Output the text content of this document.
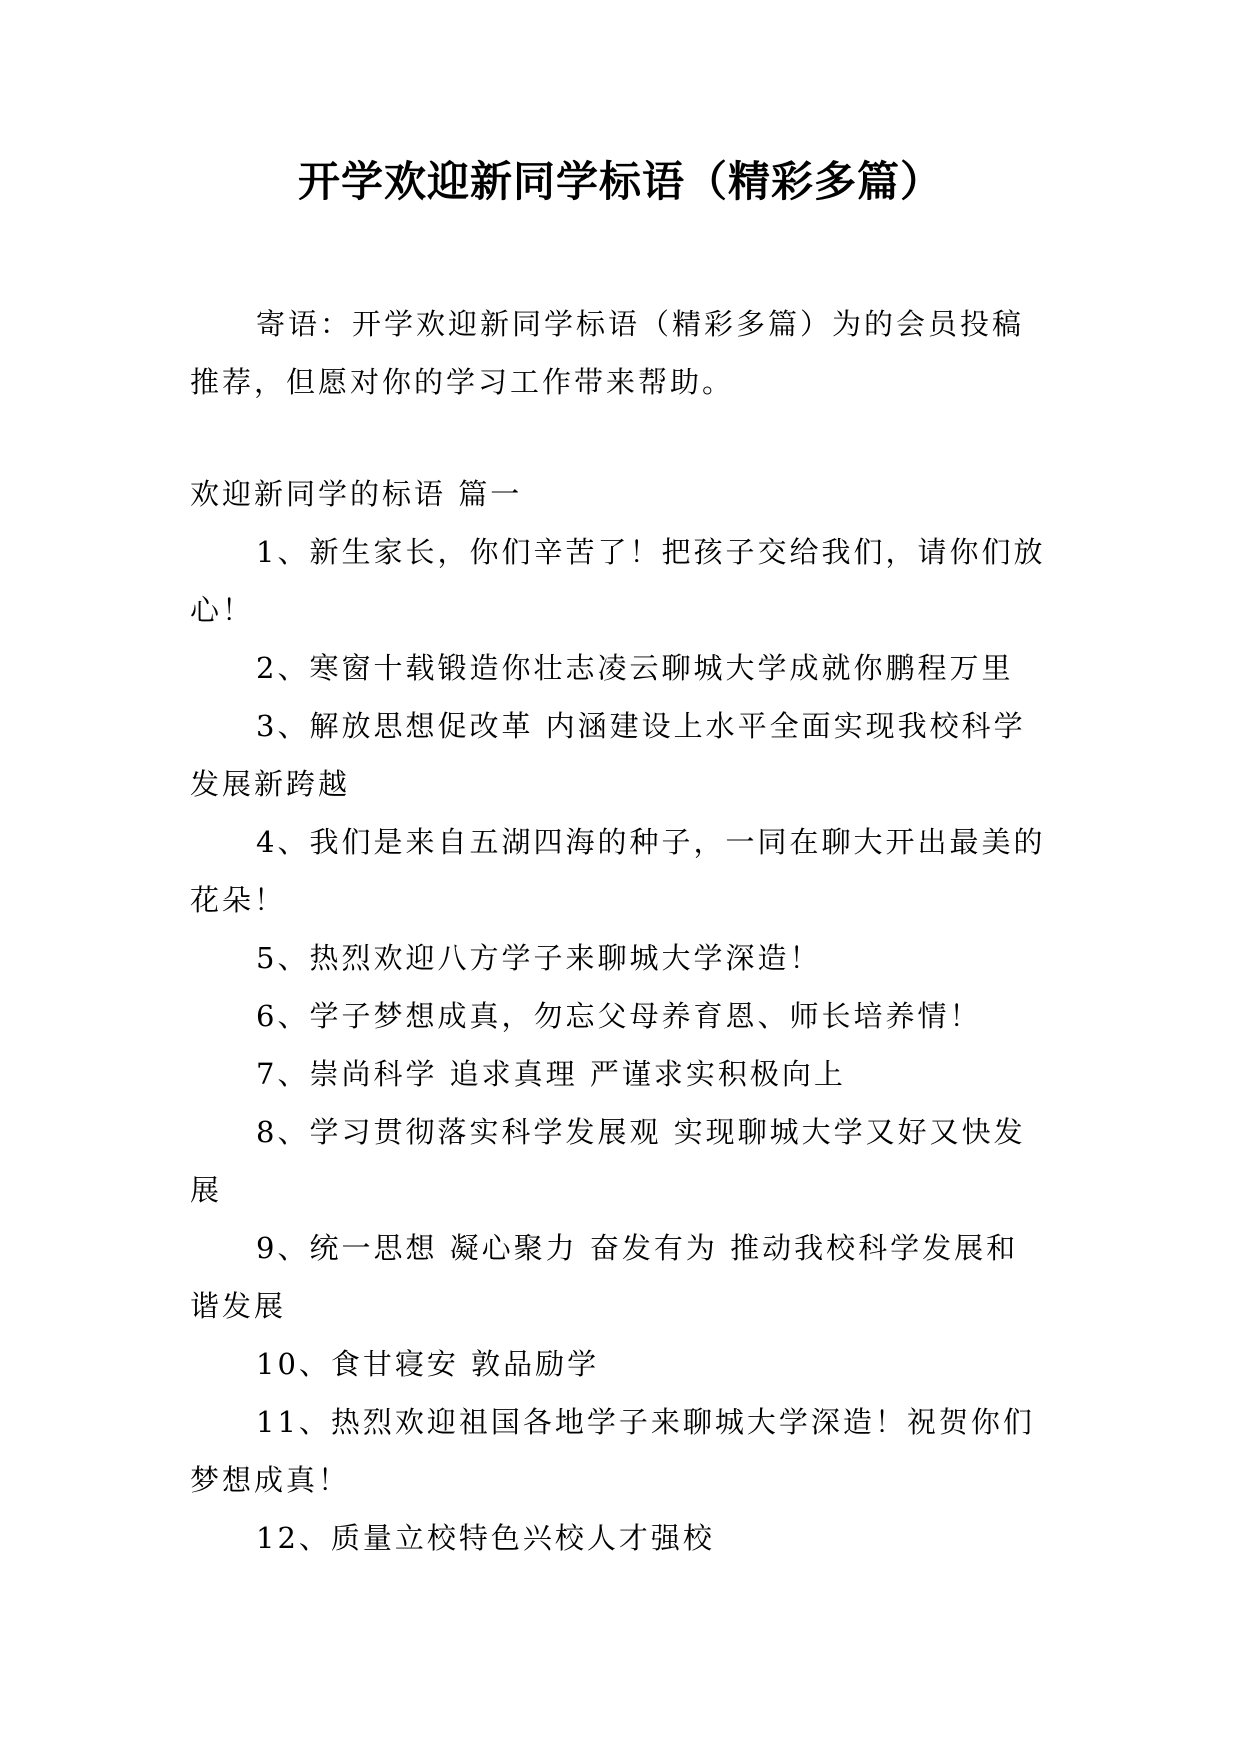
开学欢迎新同学标语（精彩多篇）
寄语：开学欢迎新同学标语（精彩多篇）为的会员投稿推荐，但愿对你的学习工作带来帮助。
欢迎新同学的标语 篇一

1、新生家长，你们辛苦了！把孩子交给我们，请你们放心！

2、寒窗十载锻造你壮志凌云聊城大学成就你鹏程万里

3、解放思想促改革 内涵建设上水平全面实现我校科学发展新跨越

4、我们是来自五湖四海的种子，一同在聊大开出最美的花朵！

5、热烈欢迎八方学子来聊城大学深造！

6、学子梦想成真，勿忘父母养育恩、师长培养情！

7、崇尚科学 追求真理 严谨求实积极向上

8、学习贯彻落实科学发展观 实现聊城大学又好又快发展

9、统一思想 凝心聚力 奋发有为 推动我校科学发展和谐发展

10、食甘寝安 敦品励学

11、热烈欢迎祖国各地学子来聊城大学深造！祝贺你们梦想成真！

12、质量立校特色兴校人才强校
